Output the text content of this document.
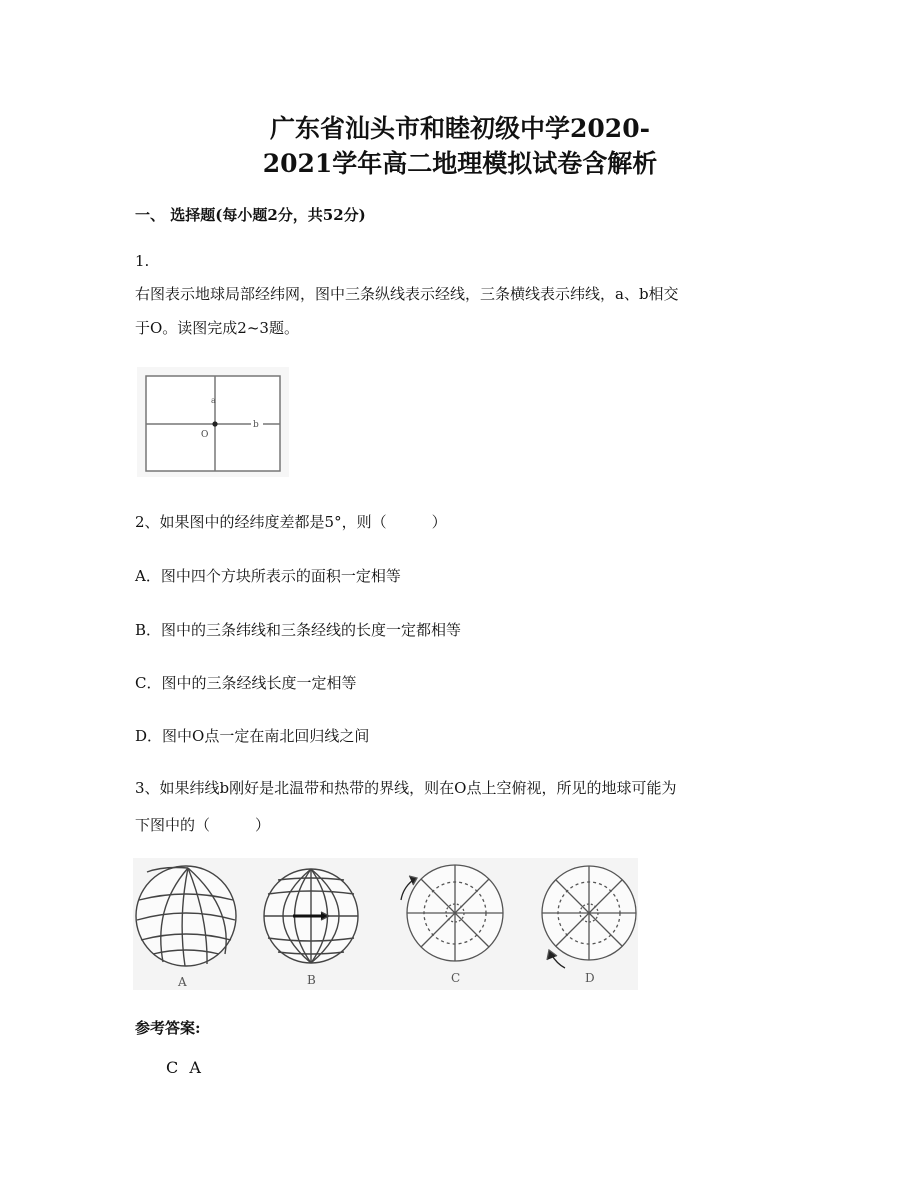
广东省汕头市和睦初级中学2020-
2021学年高二地理模拟试卷含解析
一、 选择题(每小题2分，共52分)
1.
右图表示地球局部经纬网，图中三条纵线表示经线，三条横线表示纬线，a、b相交
于O。读图完成2~3题。
a
b
O
2、如果图中的经纬度差都是5°，则（　　　）
A．图中四个方块所表示的面积一定相等
B．图中的三条纬线和三条经线的长度一定都相等
C．图中的三条经线长度一定相等
D．图中O点一定在南北回归线之间
3、如果纬线b刚好是北温带和热带的界线，则在O点上空俯视，所见的地球可能为
下图中的（　　　）
A	B	C	D
参考答案:
C A
